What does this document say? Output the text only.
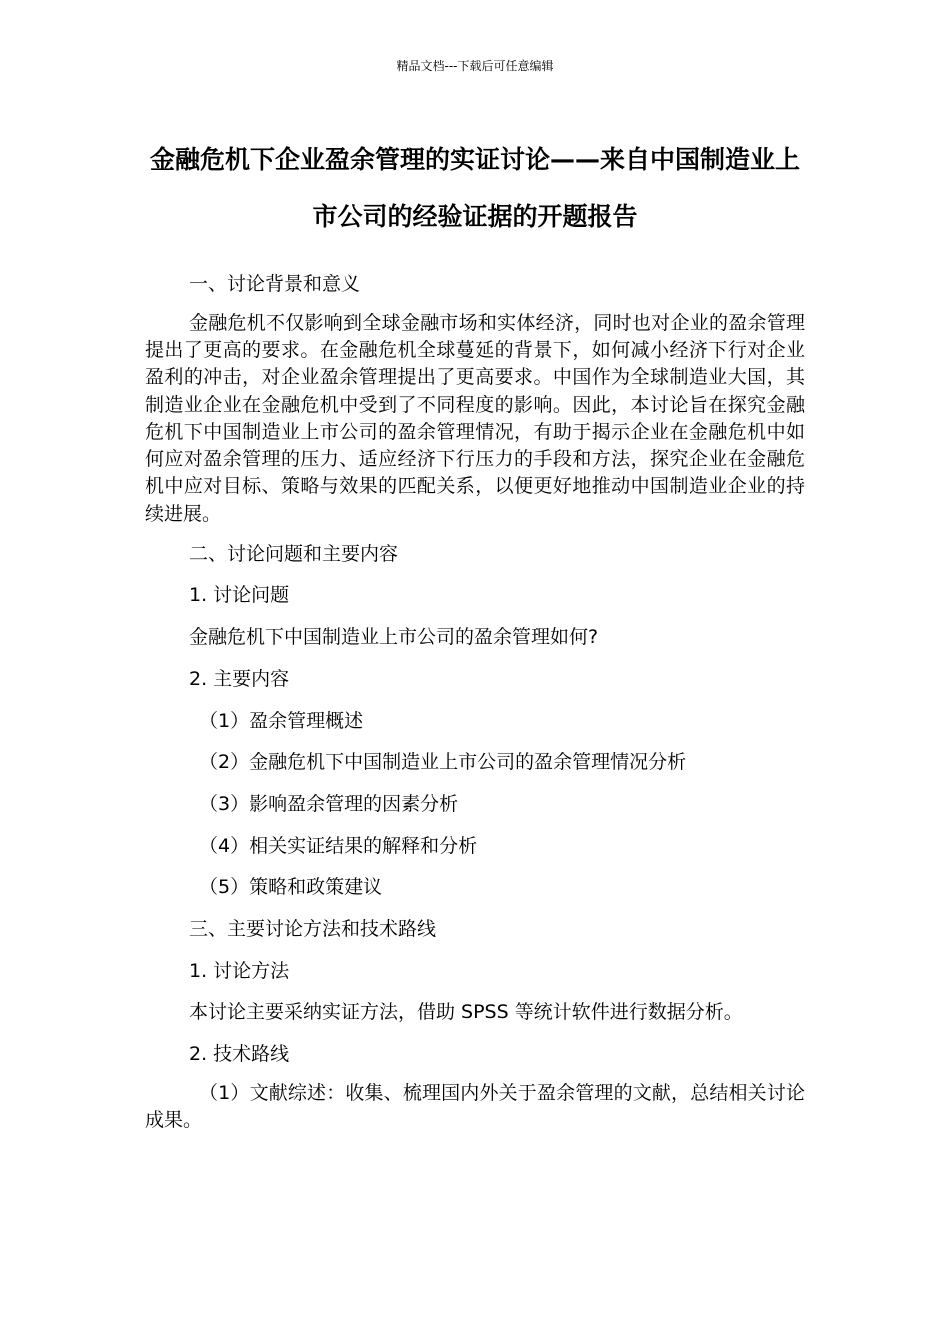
精品文档---下载后可任意编辑
金融危机下企业盈余管理的实证讨论——来自中国制造业上市公司的经验证据的开题报告

一、讨论背景和意义

金融危机不仅影响到全球金融市场和实体经济，同时也对企业的盈余管理提出了更高的要求。在金融危机全球蔓延的背景下，如何减小经济下行对企业盈利的冲击，对企业盈余管理提出了更高要求。中国作为全球制造业大国，其制造业企业在金融危机中受到了不同程度的影响。因此，本讨论旨在探究金融危机下中国制造业上市公司的盈余管理情况，有助于揭示企业在金融危机中如何应对盈余管理的压力、适应经济下行压力的手段和方法，探究企业在金融危机中应对目标、策略与效果的匹配关系，以便更好地推动中国制造业企业的持续进展。

二、讨论问题和主要内容

1. 讨论问题

金融危机下中国制造业上市公司的盈余管理如何?

2. 主要内容

（1）盈余管理概述

（2）金融危机下中国制造业上市公司的盈余管理情况分析

（3）影响盈余管理的因素分析

（4）相关实证结果的解释和分析

（5）策略和政策建议

三、主要讨论方法和技术路线

1. 讨论方法

本讨论主要采纳实证方法，借助 SPSS 等统计软件进行数据分析。

2. 技术路线

（1）文献综述：收集、梳理国内外关于盈余管理的文献，总结相关讨论成果。
